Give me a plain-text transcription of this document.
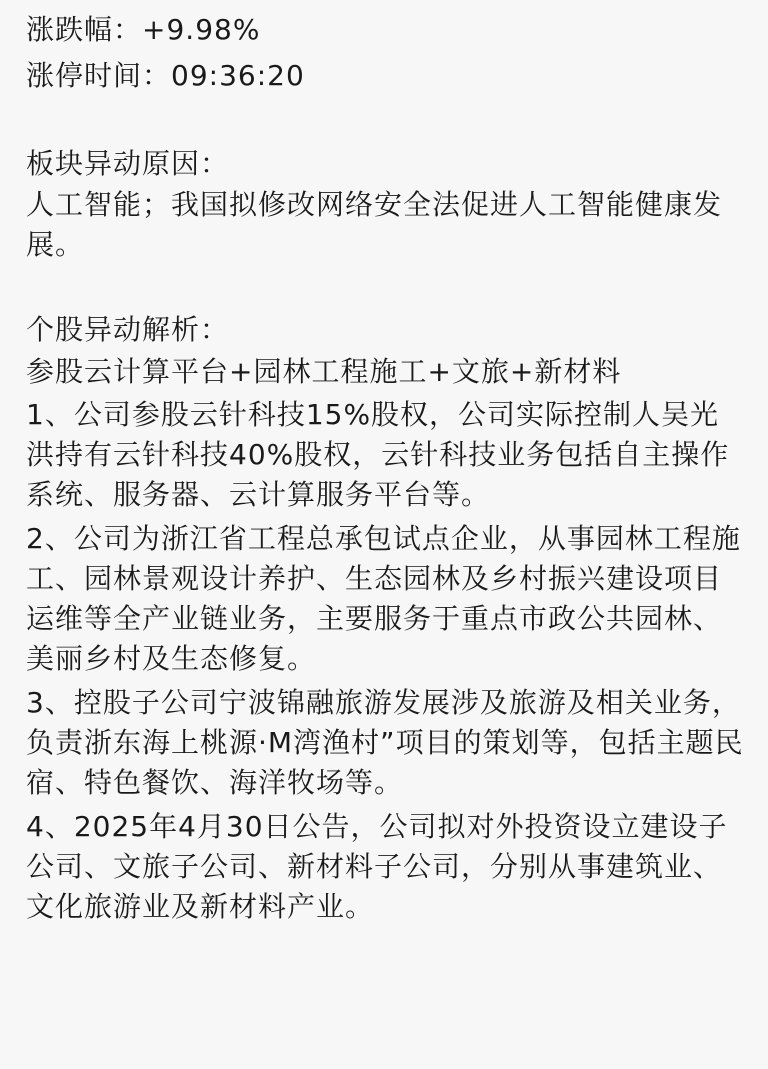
涨跌幅：+9.98%
涨停时间：09:36:20
板块异动原因：

人工智能；我国拟修改网络安全法促进人工智能健康发展。

个股异动解析：
参股云计算平台+园林工程施工+文旅+新材料

1、公司参股云针科技15%股权，公司实际控制人吴光洪持有云针科技40%股权，云针科技业务包括自主操作系统、服务器、云计算服务平台等。

2、公司为浙江省工程总承包试点企业，从事园林工程施工、园林景观设计养护、生态园林及乡村振兴建设项目运维等全产业链业务，主要服务于重点市政公共园林、美丽乡村及生态修复。

3、控股子公司宁波锦融旅游发展涉及旅游及相关业务，负责浙东海上桃源·M湾渔村”项目的策划等，包括主题民宿、特色餐饮、海洋牧场等。

4、2025年4月30日公告，公司拟对外投资设立建设子公司、文旅子公司、新材料子公司，分别从事建筑业、文化旅游业及新材料产业。
